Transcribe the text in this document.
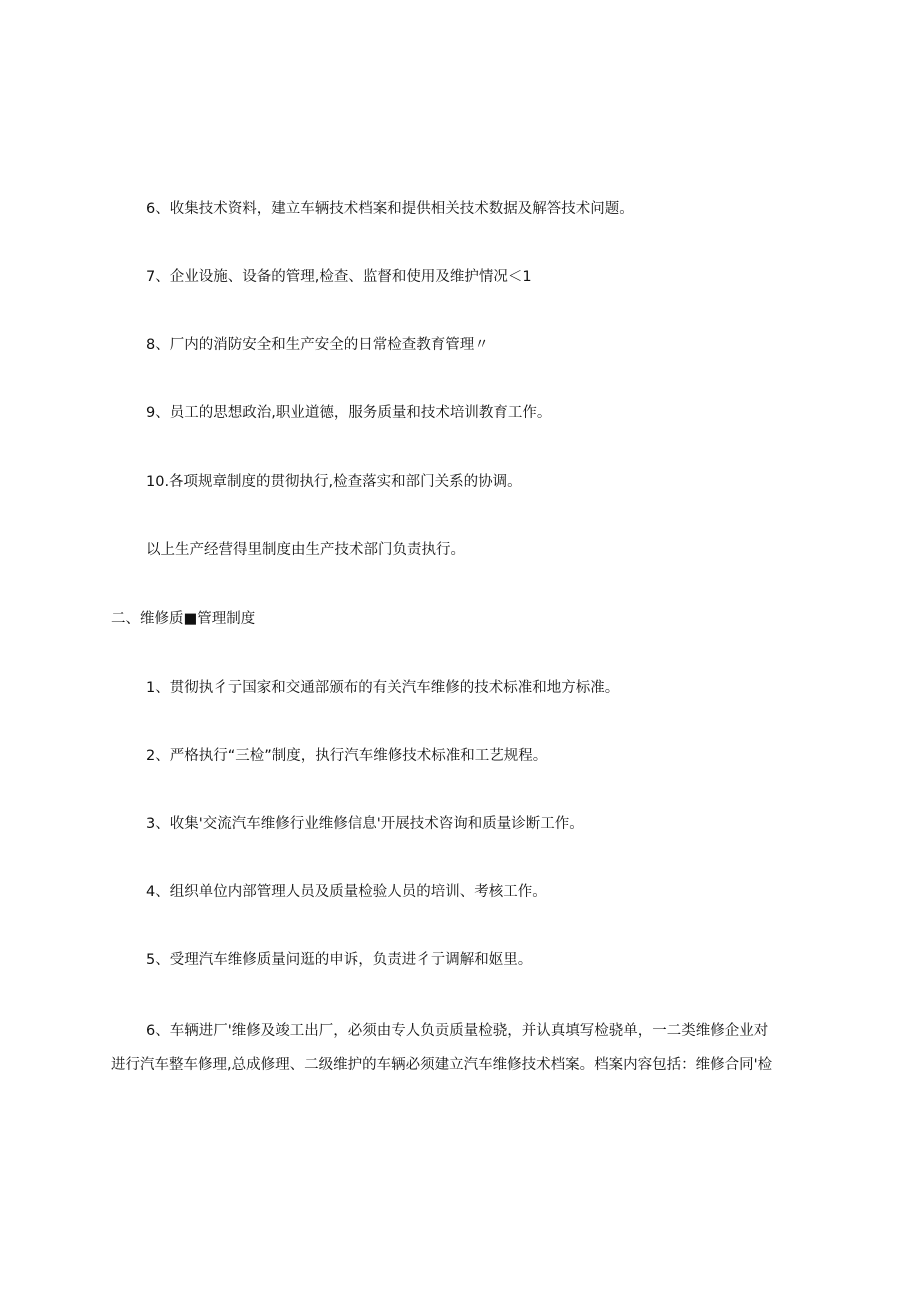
6、收集技术资料，建立车辆技术档案和提供相关技术数据及解答技术问题。
7、企业设施、设备的管理,检查、监督和使用及维护情况＜1
8、厂内的消防安全和生产安全的日常检查教育管理〃
9、员工的思想政治,职业道德，服务质量和技术培训教育工作。
10.各项规章制度的贯彻执行,检查落实和部门关系的协调。
以上生产经营得里制度由生产技术部门负责执行。
二、维修质■管理制度
1、贯彻执彳亍国家和交通部颁布的有关汽车维修的技术标准和地方标准。
2、严格执行“三检”制度，执行汽车维修技术标准和工艺规程。
3、收集'交流汽车维修行业维修信息'开展技术咨询和质量诊断工作。
4、组织单位内部管理人员及质量检验人员的培训、考核工作。
5、受理汽车维修质量问逛的申诉，负责进彳亍调解和妪里。
6、车辆进厂'维修及竣工出厂，必须由专人负贡质量检骁，并认真填写检骁单，一二类维修企业对
进行汽车整车修理,总成修理、二级维护的车辆必须建立汽车维修技术档案。档案内容包括：维修合同'检
